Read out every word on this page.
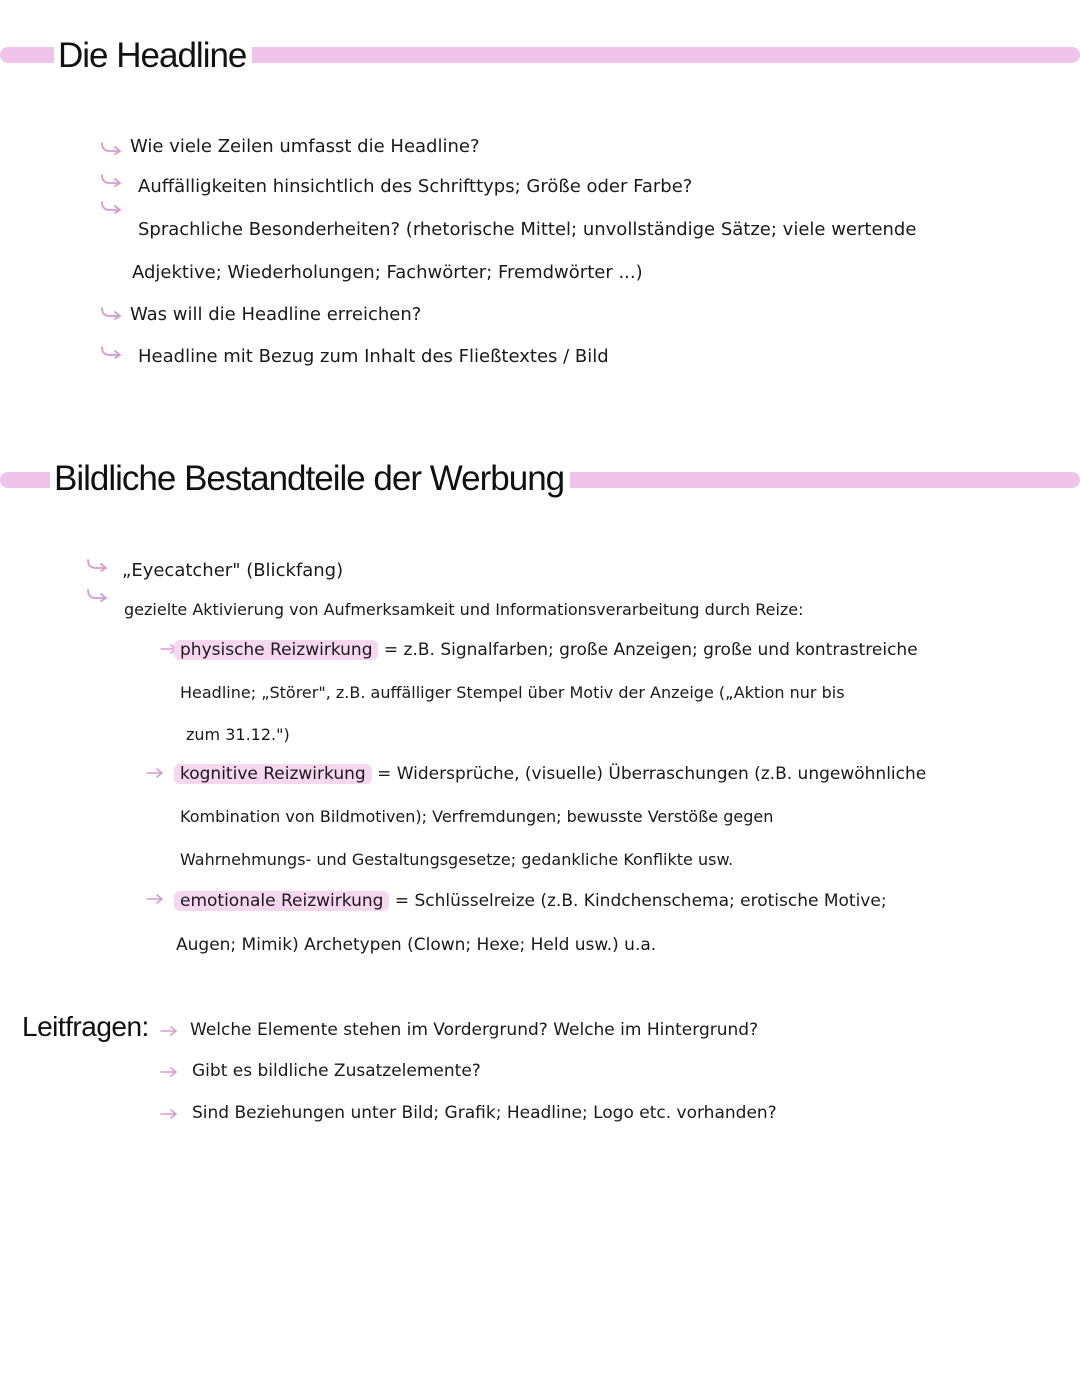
Die Headline
Wie viele Zeilen umfasst die Headline?
Auffälligkeiten hinsichtlich des Schrifttyps; Größe oder Farbe?
Sprachliche Besonderheiten? (rhetorische Mittel; unvollständige Sätze; viele wertende
Adjektive; Wiederholungen; Fachwörter; Fremdwörter ...)
Was will die Headline erreichen?
Headline mit Bezug zum Inhalt des Fließtextes / Bild
Bildliche Bestandteile der Werbung
„Eyecatcher" (Blickfang)
gezielte Aktivierung von Aufmerksamkeit und Informationsverarbeitung durch Reize:
physische Reizwirkung = z.B. Signalfarben; große Anzeigen; große und kontrastreiche
Headline; „Störer", z.B. auffälliger Stempel über Motiv der Anzeige („Aktion nur bis
zum 31.12.")
kognitive Reizwirkung = Widersprüche, (visuelle) Überraschungen (z.B. ungewöhnliche
Kombination von Bildmotiven); Verfremdungen; bewusste Verstöße gegen
Wahrnehmungs- und Gestaltungsgesetze; gedankliche Konflikte usw.
emotionale Reizwirkung = Schlüsselreize (z.B. Kindchenschema; erotische Motive;
Augen; Mimik) Archetypen (Clown; Hexe; Held usw.) u.a.
Leitfragen: Welche Elemente stehen im Vordergrund? Welche im Hintergrund?
Gibt es bildliche Zusatzelemente?
Sind Beziehungen unter Bild; Grafik; Headline; Logo etc. vorhanden?
